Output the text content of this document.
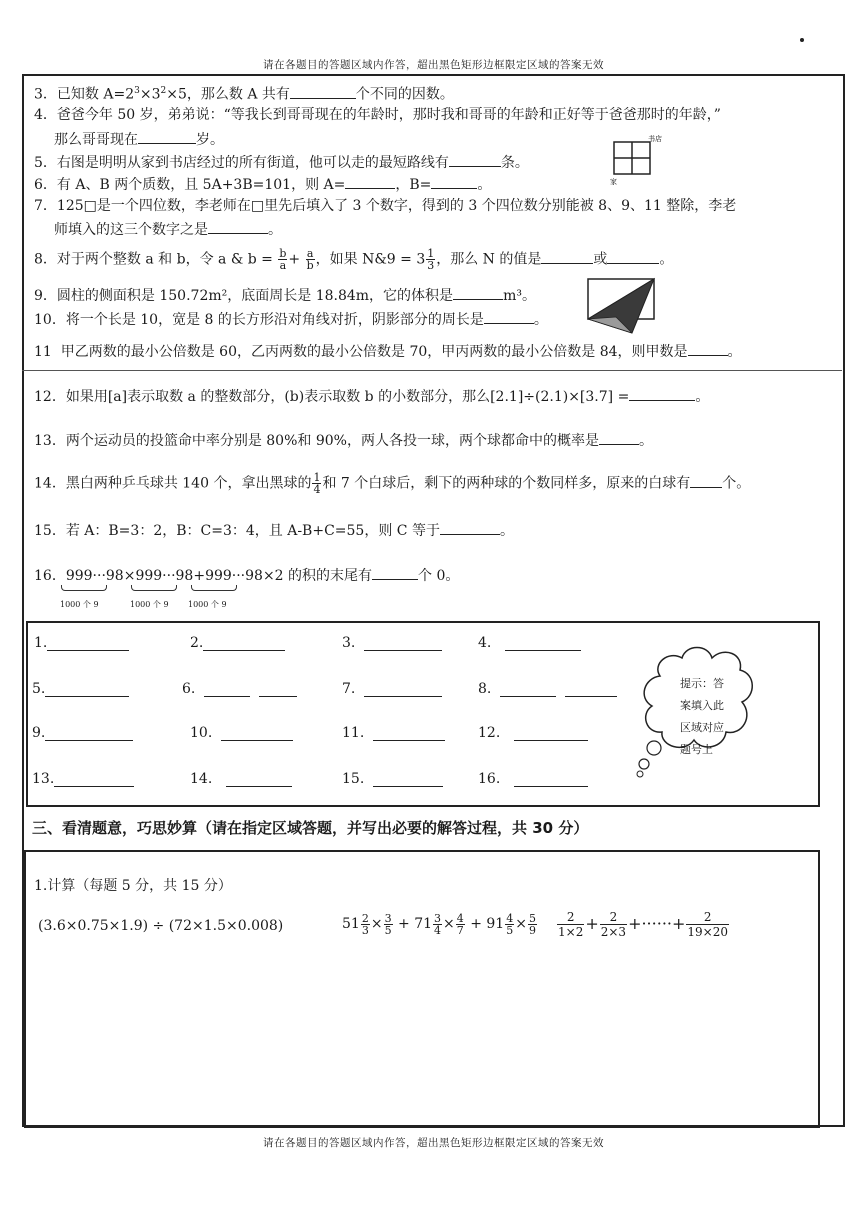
请在各题目的答题区域内作答，超出黑色矩形边框限定区域的答案无效
3．已知数 $A=2^3\times 3^2\times 5$，那么数 A 共有	个不同的因数。
4．爸爸今年 50 岁，弟弟说：“等我长到哥哥现在的年龄时，那时我和哥哥的年龄和正好等于爸爸那时的年龄，”
那么哥哥现在	岁。
5．右图是明明从家到书店经过的所有街道，他可以走的最短路线有	条。
书店
家
6．有 A、B 两个质数，且 5A+3B=101，则 A=	，B=	。
7．125□是一个四位数，李老师在□里先后填入了 3 个数字，得到的 3 个四位数分别能被 8、9、11 整除，李老
师填入的这三个数字之是	。
8．对于两个整数 a 和 b，令 a & $b = \frac{b}{a} + \frac{a}{b}$ ，如果 N&9 = $3 \frac{1}{3}$ ，那么 N 的值是	或	。
9．圆柱的侧面积是 150.72m²，底面周长是 18.84m，它的体积是	m³。
10．将一个长是 10，宽是 8 的长方形沿对角线对折，阴影部分的周长是	。
11 甲乙两数的最小公倍数是 60，乙丙两数的最小公倍数是 70，甲丙两数的最小公倍数是 84，则甲数是	。
12．如果用[a]表示取数 a 的整数部分，(b)表示取数 b 的小数部分，那么[2.1]÷(2.1)×[3.7] =	。
13．两个运动员的投篮命中率分别是 80%和 90%，两人各投一球，两个球都命中的概率是	。
14．黑白两种乒乓球共 140 个，拿出黑球的 $\frac{1}{4}$ 和 7 个白球后，剩下的两种球的个数同样多，原来的白球有 个。
15．若 A：B=3：2，B：C=3：4，且 A-B+C=55，则 C 等于	。
16．999···98×999···98+999···98×2 的积的末尾有	个 0。
1000 个 9	1000 个 9 1000 个 9
1.	2.	3.	4.
5.	6.	7.	8.
9.	10.	11.	12.
13.	14.	15.	16.
提示：答
案填入此
区域对应
题号上
三、看清题意，巧思妙算（请在指定区域答题，并写出必要的解答过程，共 30 分）
1.计算（每题 5 分，共 15 分）
(3.6×0.75×1.9) ÷ (72×1.5×0.008)	$51 \frac{2}{3} \times \frac{3}{5} + 71 \frac{3}{4} \times \frac{4}{7} + 91 \frac{4}{5} \times \frac{5}{9} \frac{2}{1\times 2} + \frac{2}{2\times 3}$ +······+ $\frac{2}{19\times 20}$
请在各题目的答题区域内作答，超出黑色矩形边框限定区域的答案无效
